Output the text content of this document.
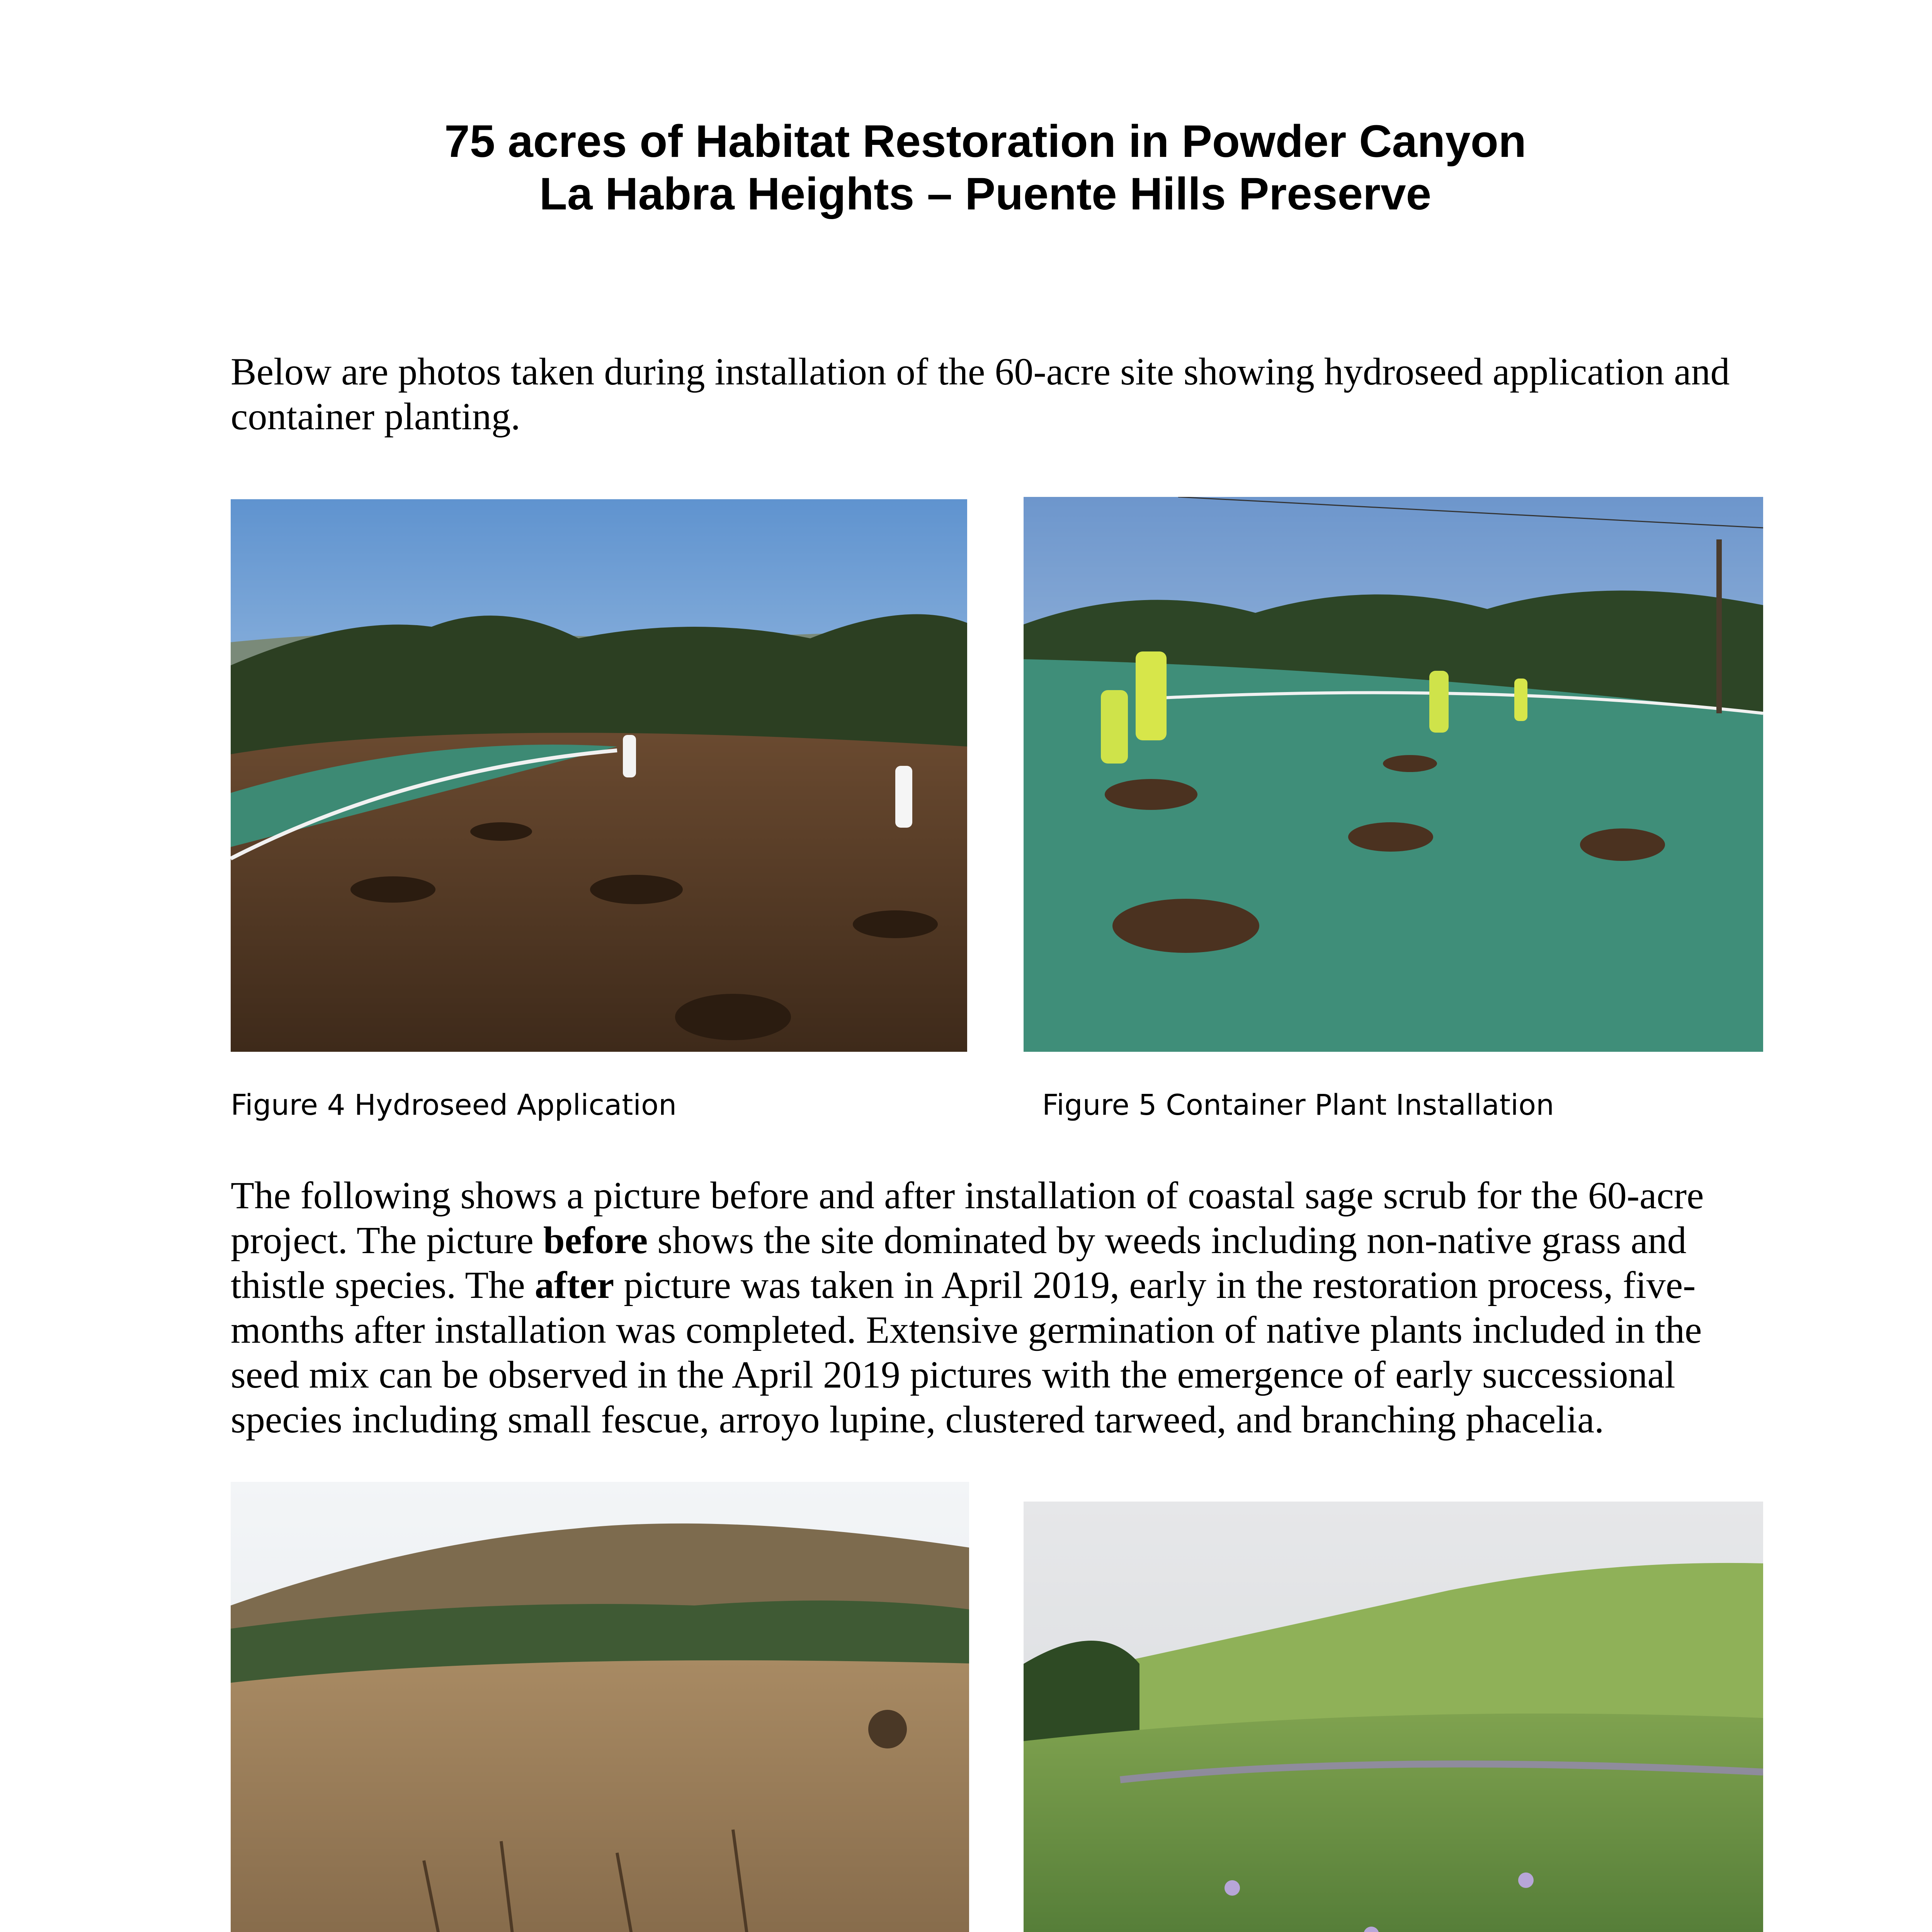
75 acres of Habitat Restoration in Powder Canyon
La Habra Heights – Puente Hills Preserve

Below are photos taken during installation of the 60-acre site showing hydroseed application and
container planting.

Figure 4 Hydroseed Application	Figure 5 Container Plant Installation

The following shows a picture before and after installation of coastal sage scrub for the 60-acre
project. The picture before shows the site dominated by weeds including non-native grass and
thistle species. The after picture was taken in April 2019, early in the restoration process, five-
months after installation was completed. Extensive germination of native plants included in the
seed mix can be observed in the April 2019 pictures with the emergence of early successional
species including small fescue, arroyo lupine, clustered tarweed, and branching phacelia.
